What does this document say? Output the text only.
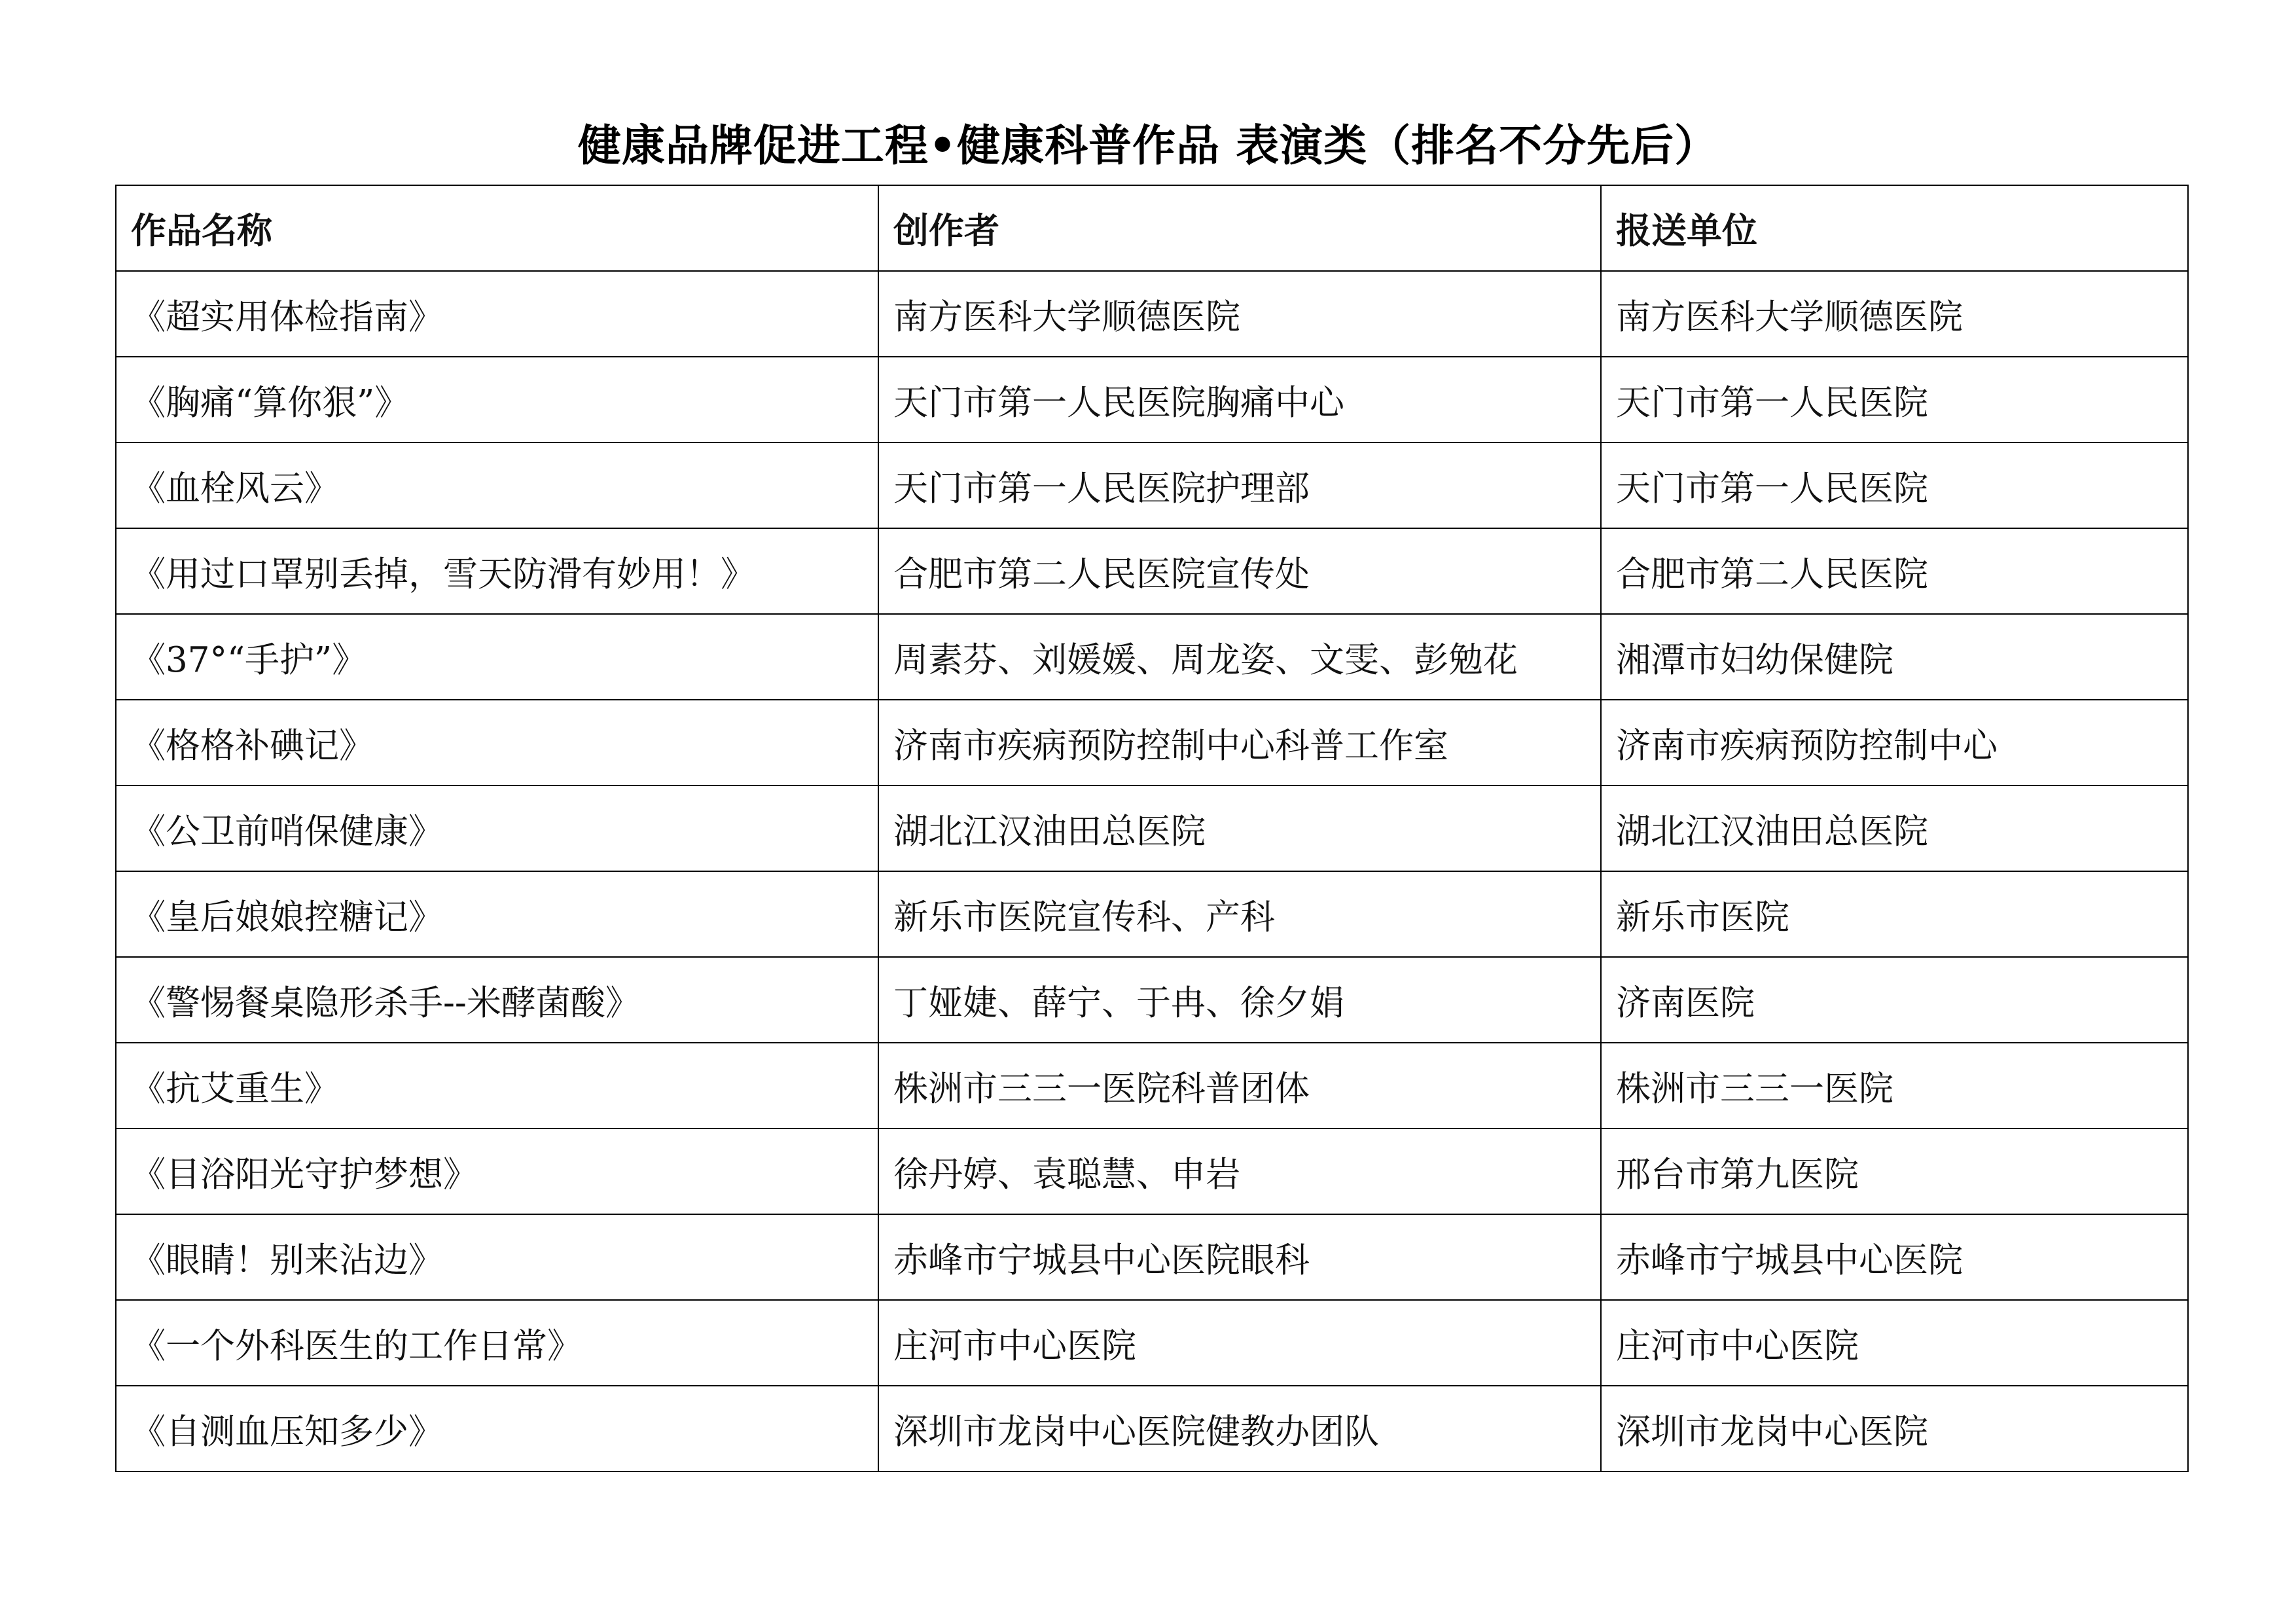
健康品牌促进工程•健康科普作品 表演类（排名不分先后）
作品名称	创作者	报送单位
《超实用体检指南》	南方医科大学顺德医院	南方医科大学顺德医院
《胸痛“算你狠”》	天门市第一人民医院胸痛中心	天门市第一人民医院
《血栓风云》	天门市第一人民医院护理部	天门市第一人民医院
《用过口罩别丢掉，雪天防滑有妙用！》	合肥市第二人民医院宣传处	合肥市第二人民医院
《37°“手护”》	周素芬、刘媛媛、周龙姿、文雯、彭勉花	湘潭市妇幼保健院
《格格补碘记》	济南市疾病预防控制中心科普工作室	济南市疾病预防控制中心
《公卫前哨保健康》	湖北江汉油田总医院	湖北江汉油田总医院
《皇后娘娘控糖记》	新乐市医院宣传科、产科	新乐市医院
《警惕餐桌隐形杀手--米酵菌酸》	丁娅婕、薛宁、于冉、徐夕娟	济南医院
《抗艾重生》	株洲市三三一医院科普团体	株洲市三三一医院
《目浴阳光守护梦想》	徐丹婷、袁聪慧、申岩	邢台市第九医院
《眼睛！别来沾边》	赤峰市宁城县中心医院眼科	赤峰市宁城县中心医院
《一个外科医生的工作日常》	庄河市中心医院	庄河市中心医院
《自测血压知多少》	深圳市龙岗中心医院健教办团队	深圳市龙岗中心医院
